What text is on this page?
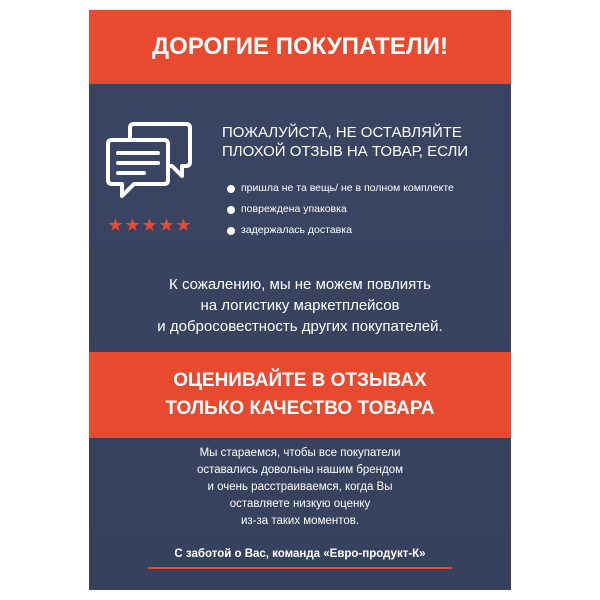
ДОРОГИЕ ПОКУПАТЕЛИ!
★ ★ ★ ★ ★
ПОЖАЛУЙСТА, НЕ ОСТАВЛЯЙТЕ
ПЛОХОЙ ОТЗЫВ НА ТОВАР, ЕСЛИ
пришла не та вещь/ не в полном комплекте
повреждена упаковка
задержалась доставка
К сожалению, мы не можем повлиять
на логистику маркетплейсов
и добросовестность других покупателей.
ОЦЕНИВАЙТЕ В ОТЗЫВАХ
ТОЛЬКО КАЧЕСТВО ТОВАРА
Мы стараемся, чтобы все покупатели
оставались довольны нашим брендом
и очень расстраиваемся, когда Вы
оставляете низкую оценку
из-за таких моментов.
С заботой о Вас, команда «Евро-продукт-К»
